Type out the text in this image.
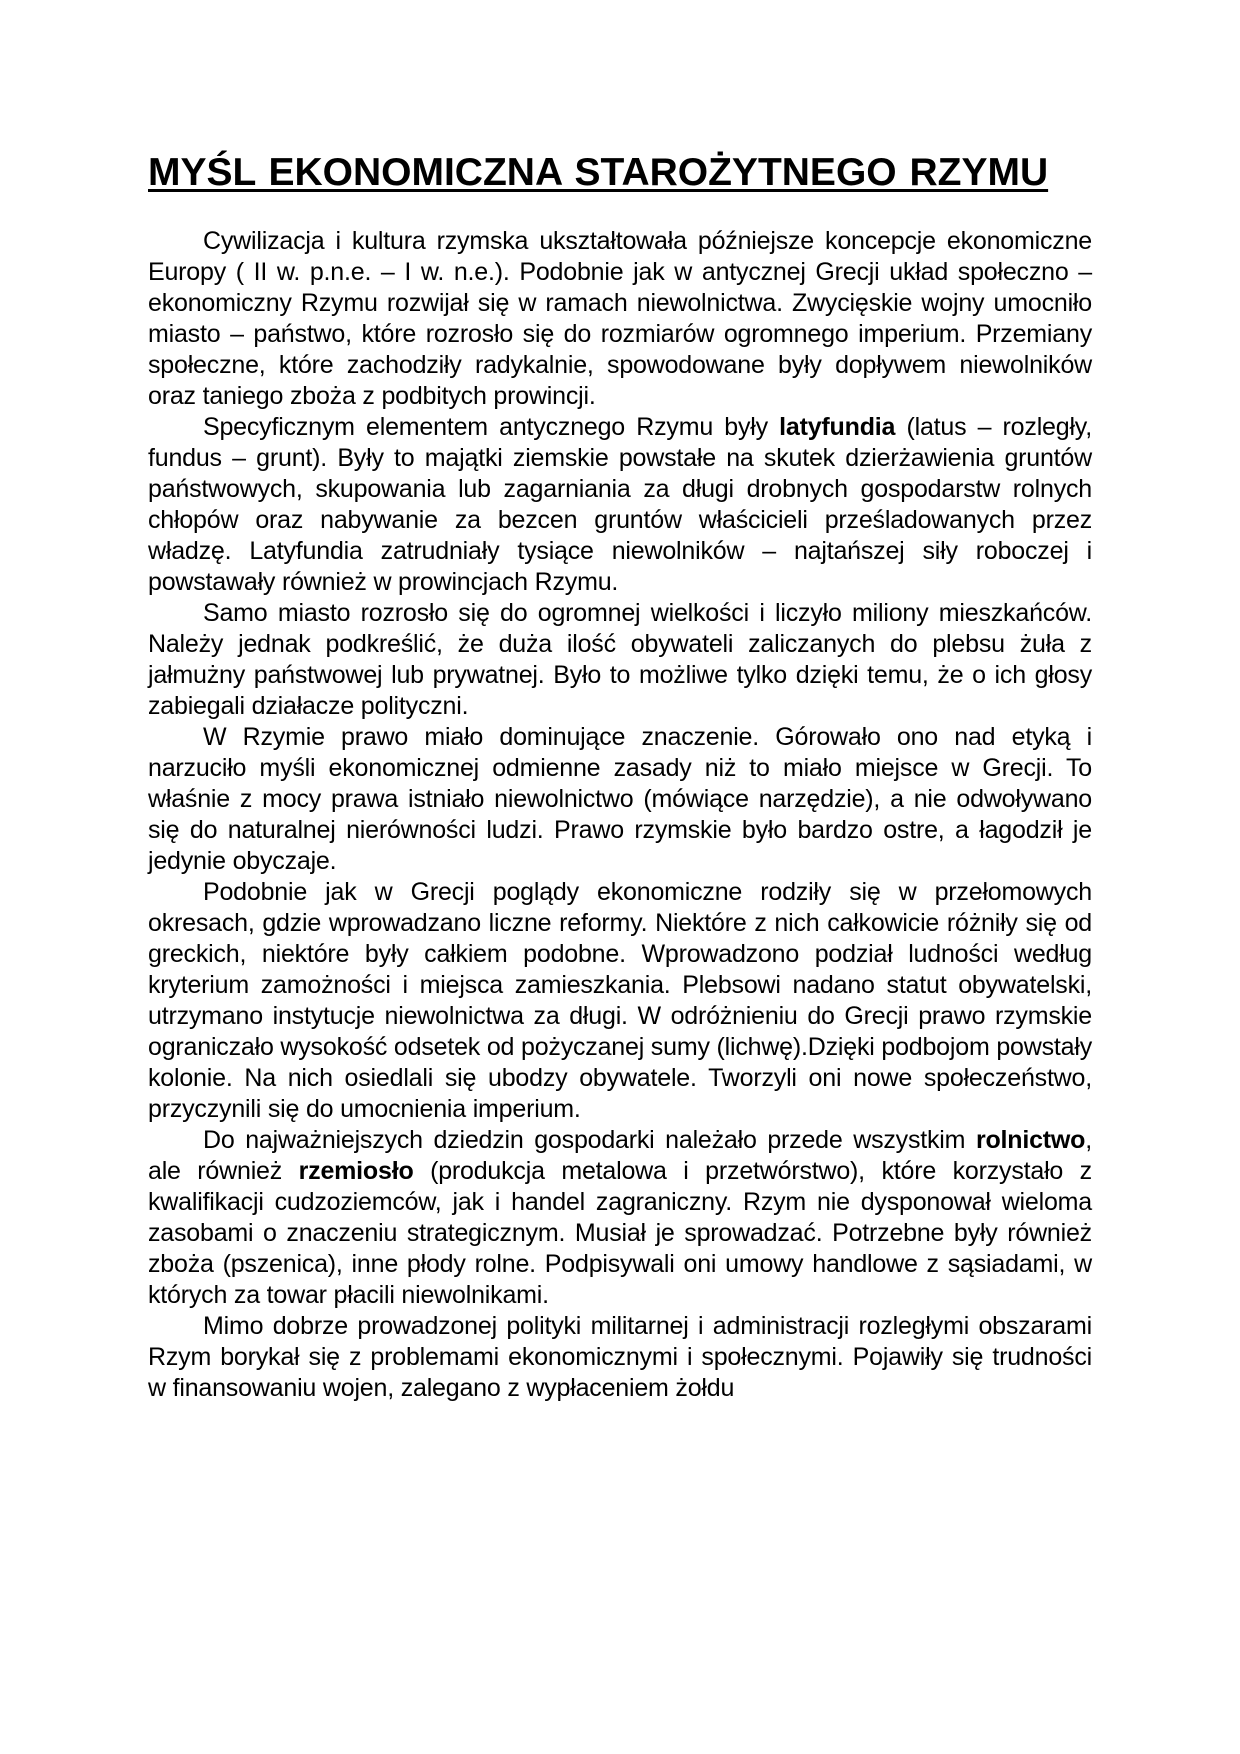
MYŚL EKONOMICZNA STAROŻYTNEGO RZYMU

Cywilizacja i kultura rzymska ukształtowała późniejsze koncepcje ekonomiczne Europy ( II w. p.n.e. – I w. n.e.). Podobnie jak w antycznej Grecji układ społeczno – ekonomiczny Rzymu rozwijał się w ramach niewolnictwa. Zwycięskie wojny umocniło miasto – państwo, które rozrosło się do rozmiarów ogromnego imperium. Przemiany społeczne, które zachodziły radykalnie, spowodowane były dopływem niewolników oraz taniego zboża z podbitych prowincji.

Specyficznym elementem antycznego Rzymu były latyfundia (latus – rozległy, fundus – grunt). Były to majątki ziemskie powstałe na skutek dzierżawienia gruntów państwowych, skupowania lub zagarniania za długi drobnych gospodarstw rolnych chłopów oraz nabywanie za bezcen gruntów właścicieli prześladowanych przez władzę. Latyfundia zatrudniały tysiące niewolników – najtańszej siły roboczej i powstawały również w prowincjach Rzymu.

Samo miasto rozrosło się do ogromnej wielkości i liczyło miliony mieszkańców. Należy jednak podkreślić, że duża ilość obywateli zaliczanych do plebsu żuła z jałmużny państwowej lub prywatnej. Było to możliwe tylko dzięki temu, że o ich głosy zabiegali działacze polityczni.

W Rzymie prawo miało dominujące znaczenie. Górowało ono nad etyką i narzuciło myśli ekonomicznej odmienne zasady niż to miało miejsce w Grecji. To właśnie z mocy prawa istniało niewolnictwo (mówiące narzędzie), a nie odwoływano się do naturalnej nierówności ludzi. Prawo rzymskie było bardzo ostre, a łagodził je jedynie obyczaje.

Podobnie jak w Grecji poglądy ekonomiczne rodziły się w przełomowych okresach, gdzie wprowadzano liczne reformy. Niektóre z nich całkowicie różniły się od greckich, niektóre były całkiem podobne. Wprowadzono podział ludności według kryterium zamożności i miejsca zamieszkania. Plebsowi nadano statut obywatelski, utrzymano instytucje niewolnictwa za długi. W odróżnieniu do Grecji prawo rzymskie ograniczało wysokość odsetek od pożyczanej sumy (lichwę).Dzięki podbojom powstały kolonie. Na nich osiedlali się ubodzy obywatele. Tworzyli oni nowe społeczeństwo, przyczynili się do umocnienia imperium.

Do najważniejszych dziedzin gospodarki należało przede wszystkim rolnictwo, ale również rzemiosło (produkcja metalowa i przetwórstwo), które korzystało z kwalifikacji cudzoziemców, jak i handel zagraniczny. Rzym nie dysponował wieloma zasobami o znaczeniu strategicznym. Musiał je sprowadzać. Potrzebne były również zboża (pszenica), inne płody rolne. Podpisywali oni umowy handlowe z sąsiadami, w których za towar płacili niewolnikami.

Mimo dobrze prowadzonej polityki militarnej i administracji rozległymi obszarami Rzym borykał się z problemami ekonomicznymi i społecznymi. Pojawiły się trudności w finansowaniu wojen, zalegano z wypłaceniem żołdu
